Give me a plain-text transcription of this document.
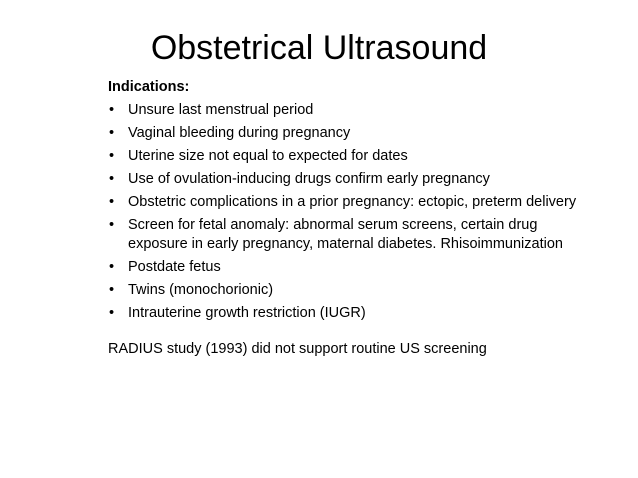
Obstetrical Ultrasound
Indications:
• Unsure last menstrual period
• Vaginal bleeding during pregnancy
• Uterine size not equal to expected for dates
• Use of ovulation-inducing drugs confirm early pregnancy
• Obstetric complications in a prior pregnancy: ectopic, preterm delivery
• Screen for fetal anomaly: abnormal serum screens, certain drug exposure in early pregnancy, maternal diabetes. Rhisoimmunization
• Postdate fetus
• Twins (monochorionic)
• Intrauterine growth restriction (IUGR)
RADIUS study (1993) did not support routine US screening
